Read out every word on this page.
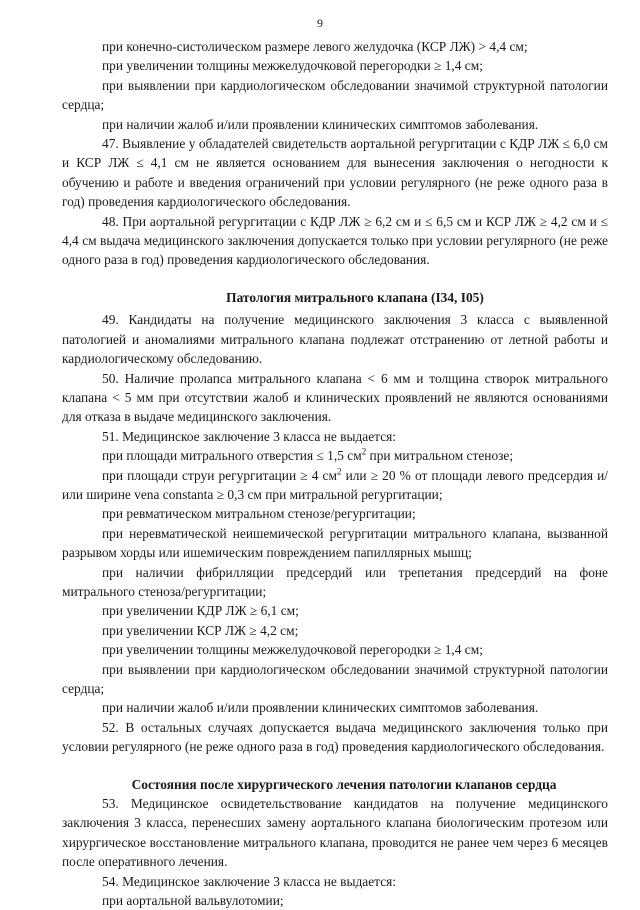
9

при конечно-систолическом размере левого желудочка (КСР ЛЖ) > 4,4 см;

при увеличении толщины межжелудочковой перегородки ≥ 1,4 см;

при выявлении при кардиологическом обследовании значимой структурной патологии сердца;

при наличии жалоб и/или проявлении клинических симптомов заболевания.

47. Выявление у обладателей свидетельств аортальной регургитации с КДР ЛЖ ≤ 6,0 см и КСР ЛЖ ≤ 4,1 см не является основанием для вынесения заключения о негодности к обучению и работе и введения ограничений при условии регулярного (не реже одного раза в год) проведения кардиологического обследования.

48. При аортальной регургитации с КДР ЛЖ ≥ 6,2 см и ≤ 6,5 см и КСР ЛЖ ≥ 4,2 см и ≤ 4,4 см выдача медицинского заключения допускается только при условии регулярного (не реже одного раза в год) проведения кардиологического обследования.

Патология митрального клапана (I34, I05)

49. Кандидаты на получение медицинского заключения 3 класса с выявленной патологией и аномалиями митрального клапана подлежат отстранению от летной работы и кардиологическому обследованию.

50. Наличие пролапса митрального клапана < 6 мм и толщина створок митрального клапана < 5 мм при отсутствии жалоб и клинических проявлений не являются основаниями для отказа в выдаче медицинского заключения.

51. Медицинское заключение 3 класса не выдается:

при площади митрального отверстия ≤ 1,5 $см^2$ при митральном стенозе;

при площади струи регургитации ≥ 4 $см^2$ или ≥ 20 % от площади левого предсердия и/или ширине vena constanta ≥ 0,3 см при митральной регургитации;

при ревматическом митральном стенозе/регургитации;

при неревматической неишемической регургитации митрального клапана, вызванной разрывом хорды или ишемическим повреждением папиллярных мышц;

при наличии фибрилляции предсердий или трепетания предсердий на фоне митрального стеноза/регургитации;

при увеличении КДР ЛЖ ≥ 6,1 см;

при увеличении КСР ЛЖ ≥ 4,2 см;

при увеличении толщины межжелудочковой перегородки ≥ 1,4 см;

при выявлении при кардиологическом обследовании значимой структурной патологии сердца;

при наличии жалоб и/или проявлении клинических симптомов заболевания.

52. В остальных случаях допускается выдача медицинского заключения только при условии регулярного (не реже одного раза в год) проведения кардиологического обследования.

Состояния после хирургического лечения патологии клапанов сердца

53. Медицинское освидетельствование кандидатов на получение медицинского заключения 3 класса, перенесших замену аортального клапана биологическим протезом или хирургическое восстановление митрального клапана, проводится не ранее чем через 6 месяцев после оперативного лечения.

54. Медицинское заключение 3 класса не выдается:

при аортальной вальвулотомии;
